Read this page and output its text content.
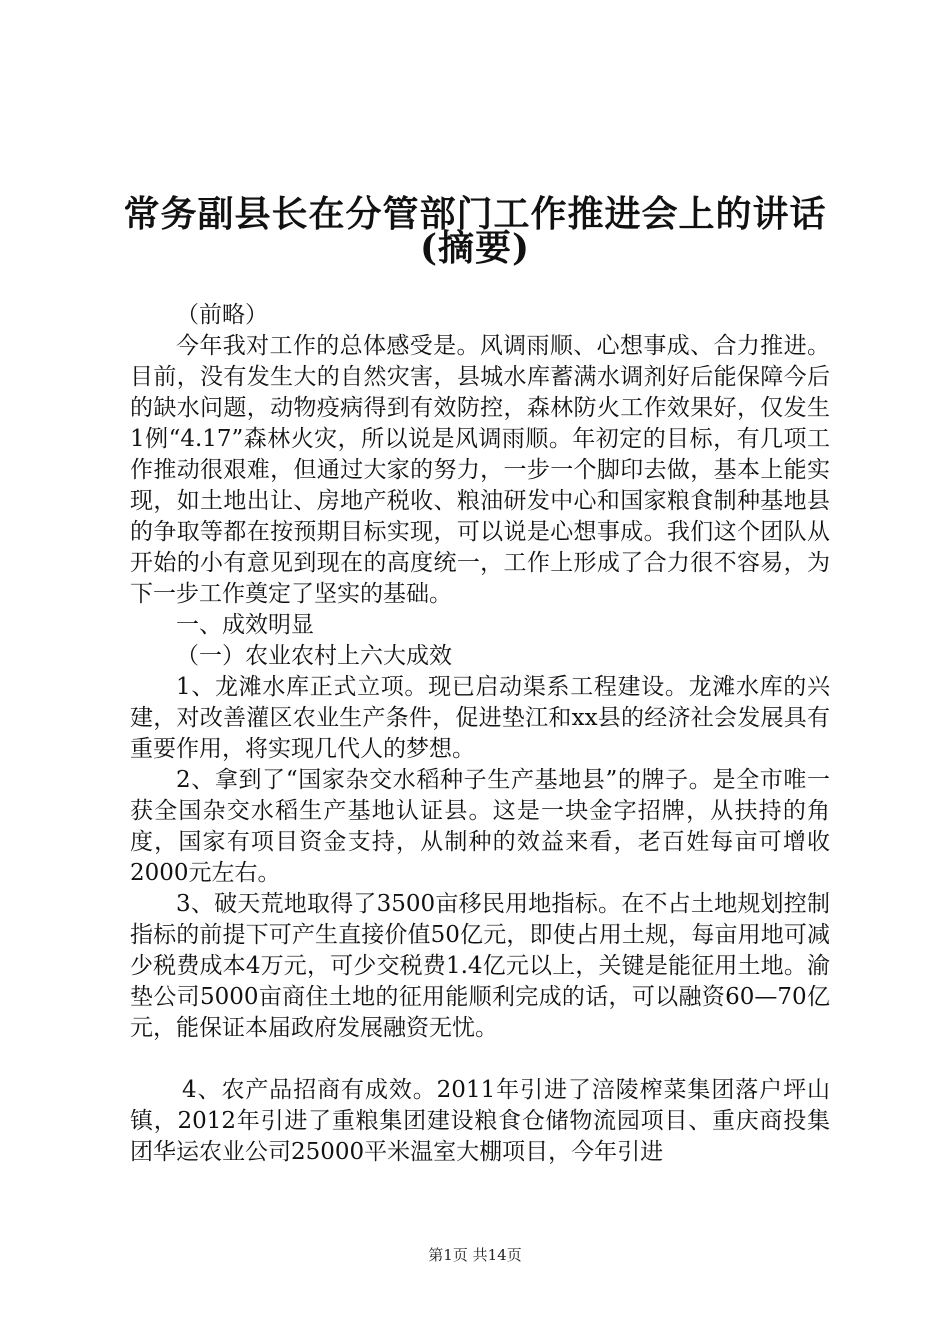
常务副县长在分管部门工作推进会上的讲话
(摘要)

（前略）

今年我对工作的总体感受是。风调雨顺、心想事成、合力推进。目前，没有发生大的自然灾害，县城水库蓄满水调剂好后能保障今后的缺水问题，动物疫病得到有效防控，森林防火工作效果好，仅发生1例“4.17”森林火灾，所以说是风调雨顺。年初定的目标，有几项工作推动很艰难，但通过大家的努力，一步一个脚印去做，基本上能实现，如土地出让、房地产税收、粮油研发中心和国家粮食制种基地县的争取等都在按预期目标实现，可以说是心想事成。我们这个团队从开始的小有意见到现在的高度统一，工作上形成了合力很不容易，为下一步工作奠定了坚实的基础。

一、成效明显

（一）农业农村上六大成效

1、龙滩水库正式立项。现已启动渠系工程建设。龙滩水库的兴建，对改善灌区农业生产条件，促进垫江和xx县的经济社会发展具有重要作用，将实现几代人的梦想。

2、拿到了“国家杂交水稻种子生产基地县”的牌子。是全市唯一获全国杂交水稻生产基地认证县。这是一块金字招牌，从扶持的角度，国家有项目资金支持，从制种的效益来看，老百姓每亩可增收2000元左右。

3、破天荒地取得了3500亩移民用地指标。在不占土地规划控制指标的前提下可产生直接价值50亿元，即使占用土规，每亩用地可减少税费成本4万元，可少交税费1.4亿元以上，关键是能征用土地。渝垫公司5000亩商住土地的征用能顺利完成的话，可以融资60—70亿元，能保证本届政府发展融资无忧。

4、农产品招商有成效。2011年引进了涪陵榨菜集团落户坪山镇，2012年引进了重粮集团建设粮食仓储物流园项目、重庆商投集团华运农业公司25000平米温室大棚项目，今年引进

第1页 共14页
